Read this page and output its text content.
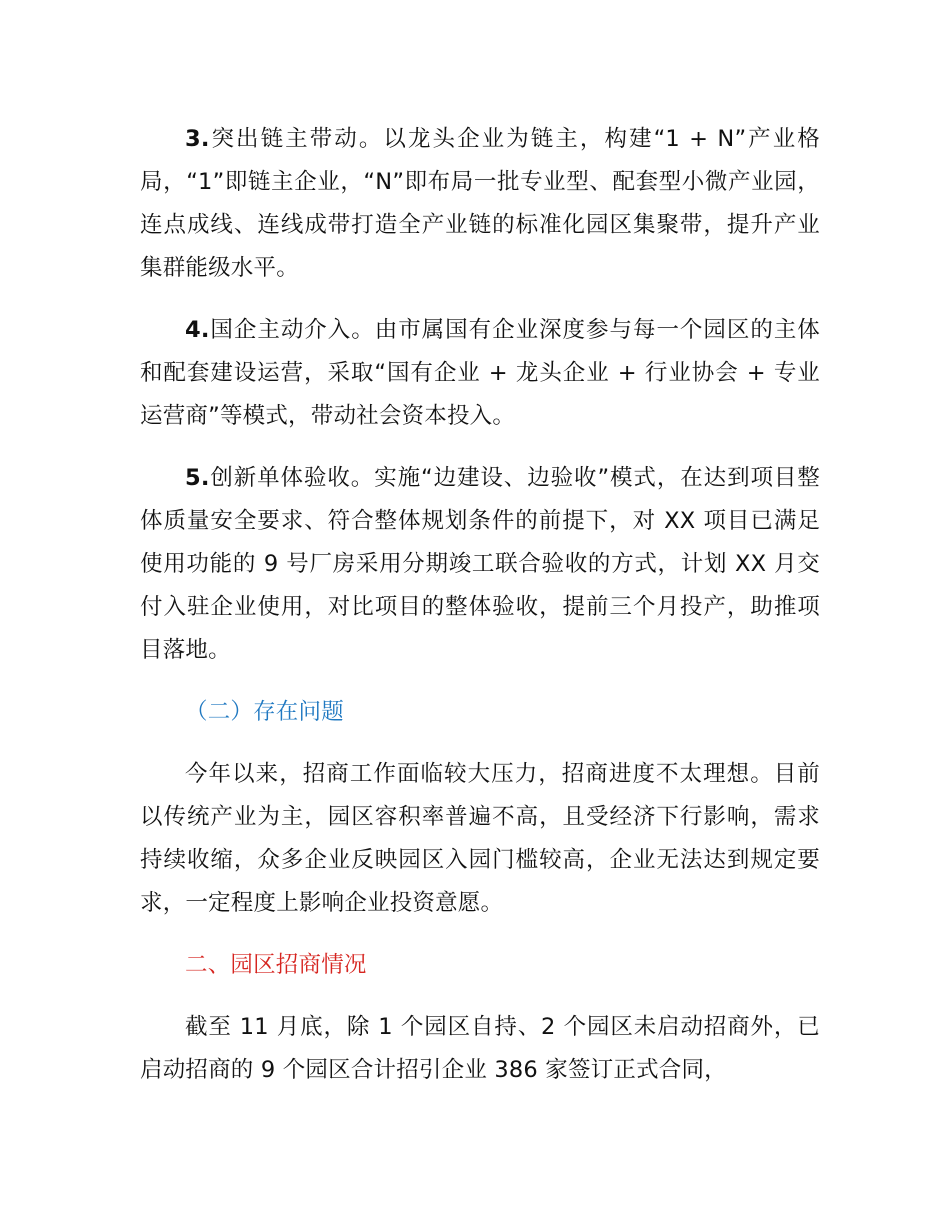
3.突出链主带动。以龙头企业为链主，构建“1 + N”产业格局，“1”即链主企业，“N”即布局一批专业型、配套型小微产业园，连点成线、连线成带打造全产业链的标准化园区集聚带，提升产业集群能级水平。

4.国企主动介入。由市属国有企业深度参与每一个园区的主体和配套建设运营，采取“国有企业 + 龙头企业 + 行业协会 + 专业运营商”等模式，带动社会资本投入。

5.创新单体验收。实施“边建设、边验收”模式，在达到项目整体质量安全要求、符合整体规划条件的前提下，对 XX 项目已满足使用功能的 9 号厂房采用分期竣工联合验收的方式，计划 XX 月交付入驻企业使用，对比项目的整体验收，提前三个月投产，助推项目落地。

（二）存在问题

今年以来，招商工作面临较大压力，招商进度不太理想。目前以传统产业为主，园区容积率普遍不高，且受经济下行影响，需求持续收缩，众多企业反映园区入园门槛较高，企业无法达到规定要求，一定程度上影响企业投资意愿。

二、园区招商情况

截至 11 月底，除 1 个园区自持、2 个园区未启动招商外，已启动招商的 9 个园区合计招引企业 386 家签订正式合同，
